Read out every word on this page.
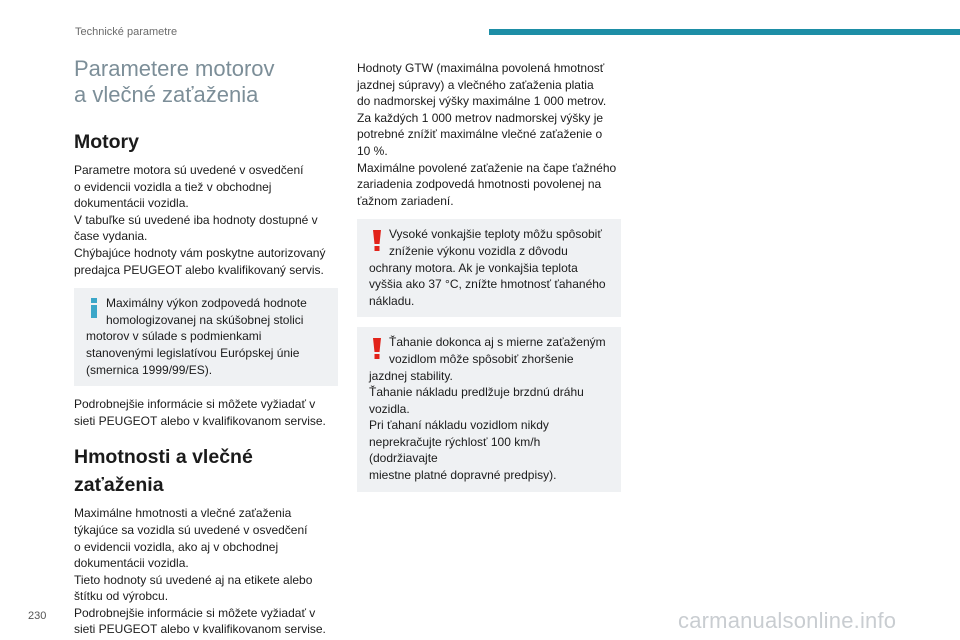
Technické parametre
Parametere motorov
a vlečné zaťaženia
Motory

Parametre motora sú uvedené v osvedčení
o evidencii vozidla a tiež v obchodnej
dokumentácii vozidla.
V tabuľke sú uvedené iba hodnoty dostupné v
čase vydania.
Chýbajúce hodnoty vám poskytne autorizovaný
predajca PEUGEOT alebo kvalifikovaný servis.

Maximálny výkon zodpovedá hodnote
homologizovanej na skúšobnej stolici
motorov v súlade s podmienkami
stanovenými legislatívou Európskej únie
(smernica 1999/99/ES).

Podrobnejšie informácie si môžete vyžiadať v
sieti PEUGEOT alebo v kvalifikovanom servise.

Hmotnosti a vlečné
zaťaženia

Maximálne hmotnosti a vlečné zaťaženia
týkajúce sa vozidla sú uvedené v osvedčení
o evidencii vozidla, ako aj v obchodnej
dokumentácii vozidla.
Tieto hodnoty sú uvedené aj na etikete alebo
štítku od výrobcu.
Podrobnejšie informácie si môžete vyžiadať v
sieti PEUGEOT alebo v kvalifikovanom servise.

Hodnoty GTW (maximálna povolená hmotnosť
jazdnej súpravy) a vlečného zaťaženia platia
do nadmorskej výšky maximálne 1 000 metrov.
Za každých 1 000 metrov nadmorskej výšky je
potrebné znížiť maximálne vlečné zaťaženie o
10 %.
Maximálne povolené zaťaženie na čape ťažného
zariadenia zodpovedá hmotnosti povolenej na
ťažnom zariadení.

Vysoké vonkajšie teploty môžu spôsobiť
zníženie výkonu vozidla z dôvodu
ochrany motora. Ak je vonkajšia teplota
vyššia ako 37 °C, znížte hmotnosť ťahaného
nákladu.
Ťahanie dokonca aj s mierne zaťaženým
vozidlom môže spôsobiť zhoršenie
jazdnej stability.
Ťahanie nákladu predlžuje brzdnú dráhu
vozidla.
Pri ťahaní nákladu vozidlom nikdy
neprekračujte rýchlosť 100 km/h (dodržiavajte
miestne platné dopravné predpisy).
230	carmanualsonline.info
